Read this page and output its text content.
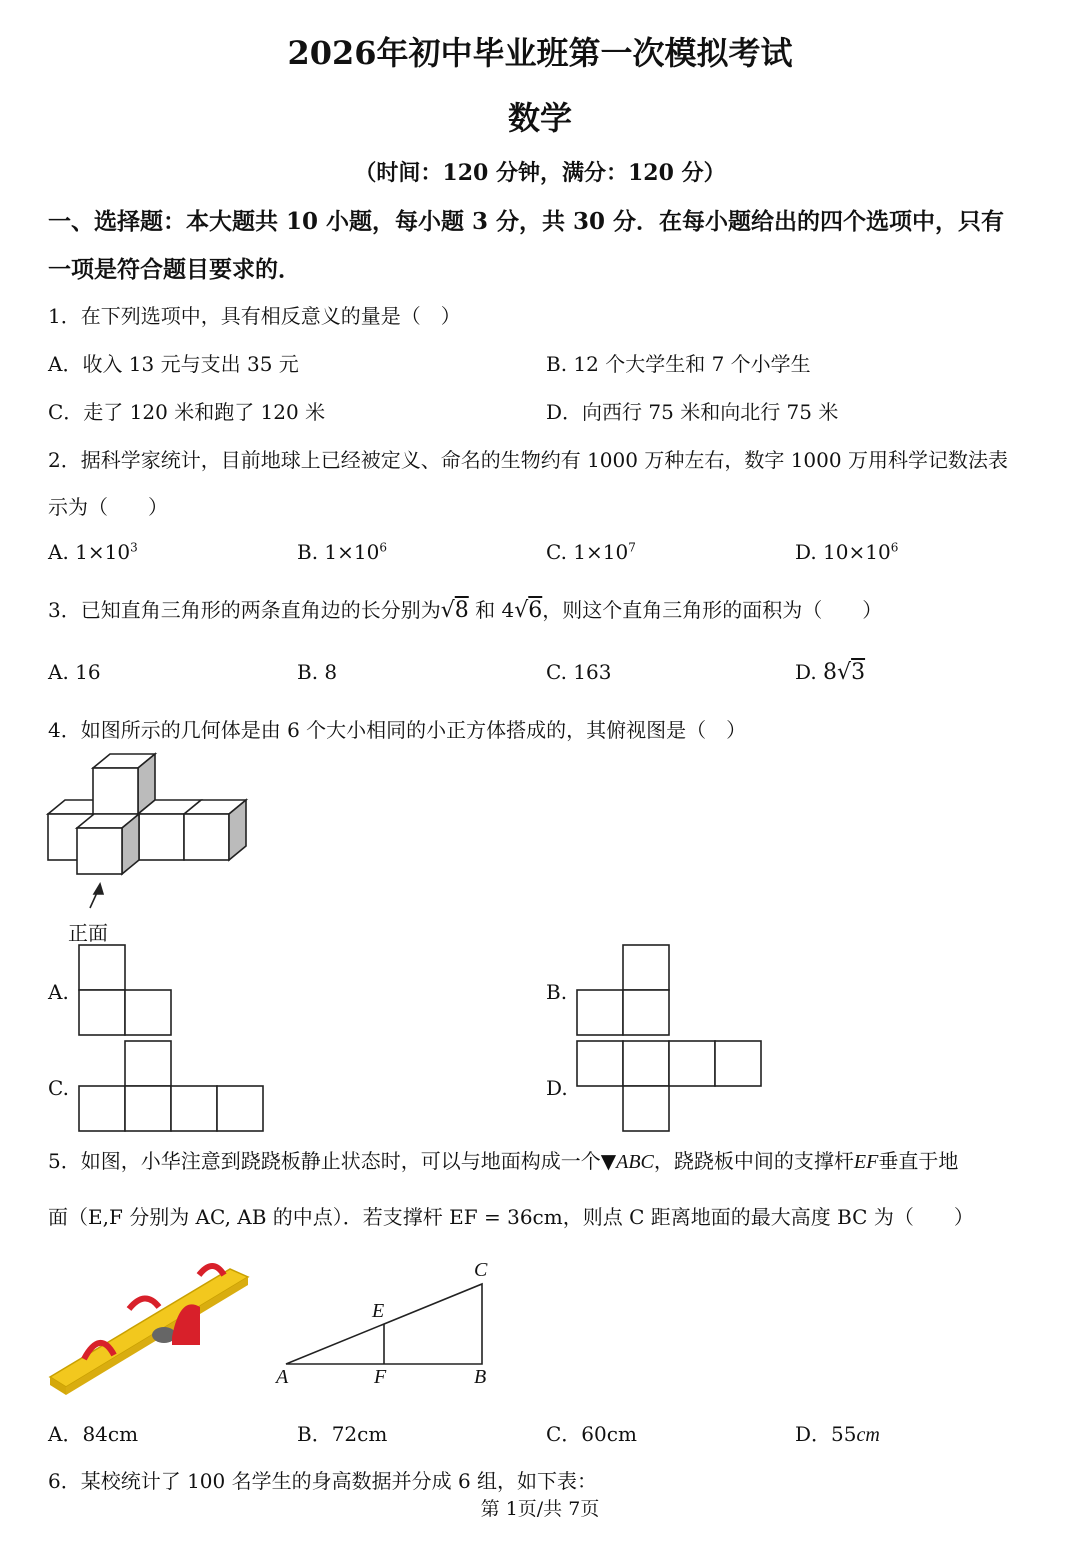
2026年初中毕业班第一次模拟考试
数学
（时间：120 分钟，满分：120 分）
一、选择题：本大题共 10 小题，每小题 3 分，共 30 分．在每小题给出的四个选项中，只有
一项是符合题目要求的．
1．在下列选项中，具有相反意义的量是（　）
A．收入 13 元与支出 35 元	B. 12 个大学生和 7 个小学生
C．走了 120 米和跑了 120 米	D．向西行 75 米和向北行 75 米
2．据科学家统计，目前地球上已经被定义、命名的生物约有 1000 万种左右，数字 1000 万用科学记数法表
示为（　　）
A. $1\times 10^3$	B. $1\times 10^6$	C. $1\times 10^7$	D. $10\times 10^6$
3．已知直角三角形的两条直角边的长分别为√8 和 4√6，则这个直角三角形的面积为（　　）
A. 16	B. 8	C. 163	D. 8√3
4．如图所示的几何体是由 6 个大小相同的小正方体搭成的，其俯视图是（　）
正面
A.	B.
C.	D.
5．如图，小华注意到跷跷板静止状态时，可以与地面构成一个▼ABC，跷跷板中间的支撑杆EF垂直于地
面（E,F 分别为 AC, AB 的中点）．若支撑杆 EF = 36cm，则点 C 距离地面的最大高度 BC 为（　　）
C
E
A	F	B
A．84cm	B．72cm	C．60cm	D．55cm
6．某校统计了 100 名学生的身高数据并分成 6 组，如下表：
第 1页/共 7页
